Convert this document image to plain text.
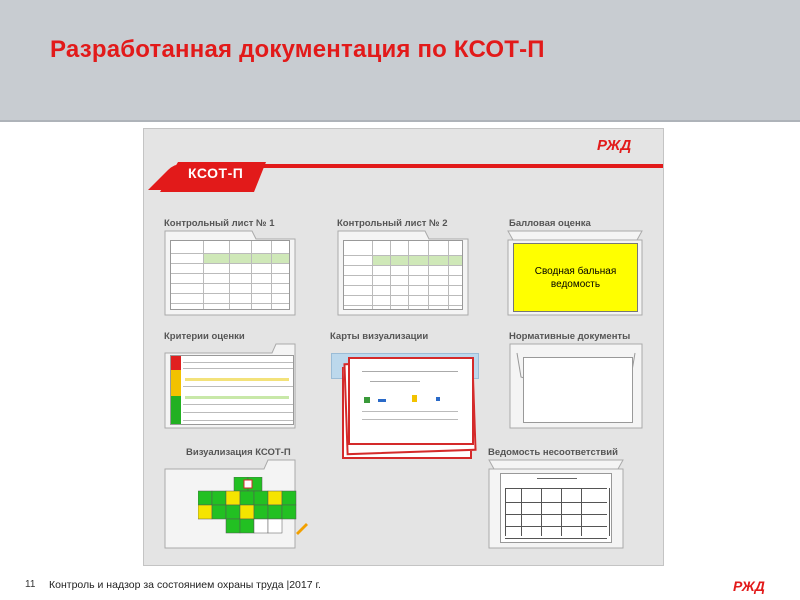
Разработанная документация по КСОТ-П
РЖД
КСОТ-П
Контрольный лист № 1	Контрольный лист № 2	Балловая оценка
Критерии оценки	Карты визуализации	Нормативные документы
Визуализация КСОТ-П	Ведомость несоответствий
Сводная бальная ведомость
11 Контроль и надзор за состоянием охраны труда |2017 г.	РЖД
